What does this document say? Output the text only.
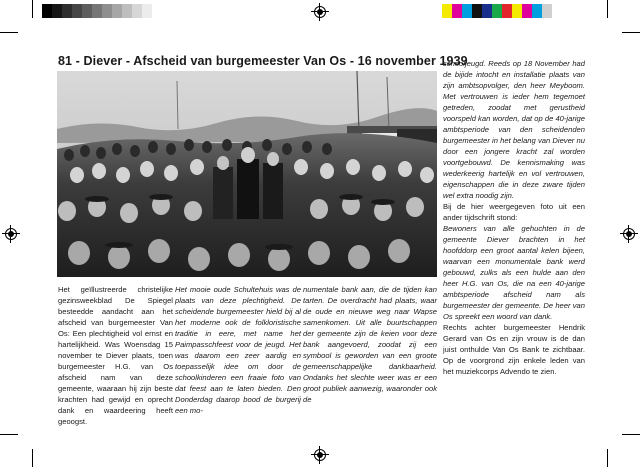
81 - Diever - Afscheid van burgemeester Van Os - 16 november 1939

Het geïllustreerde christelijke gezinsweekblad De Spiegel besteedde aandacht aan het afscheid van burgemeester Van Os: Een plechtigheid vol ernst en hartelijkheid. Was Woensdag 15 november te Diever plaats, toen burgemeester H.G. van Os afscheid nam van deze gemeente, waaraan hij zijn beste krachten had gewijd en oprecht dank en waardeering heeft geoogst.

Het mooie oude Schultehuis was de plaats van deze plechtigheid. De scheidende burgemeester hield bij al het moderne ook de folkloristische traditie in eere, met name het Paimpasschfeest voor de jeugd. Het was daarom een zeer aardig en toepasselijk idee om door de schoolkinderen een fraaie foto van dat feest aan te laten bieden. Den Donderdag daarop bood de burgerij een mo-

numentale bank aan, die de tijden kan tarten. De overdracht had plaats, waar de oude en nieuwe weg naar Wapse samenkomen. Uit alle buurtschappen der gemeente zijn de keien voor deze bank aangevoerd, zoodat zij een symbool is geworden van een groote gemeenschappelijke dankbaarheid. Ondanks het slechte weer was er een groot publiek aanwezig, waaronder ook de

schooljeugd. Reeds op 18 November had de bijide intocht en installatie plaats van zijn ambtsopvolger, den heer Meyboom. Met vertrouwen is ieder hem tegemoet getreden, zoodat met gerustheid voorspeld kan worden, dat op de 40-jarige ambtsperiode van den scheidenden burgemeester in het belang van Diever nu door een jongere kracht zal worden voortgebouwd. De kennismaking was wederkeerig hartelijk en vol vertrouwen, eigenschappen die in deze zware tijden wel extra noodig zijn.

Bij de hier weergegeven foto uit een ander tijdschrift stond:

Bewoners van alle gehuchten in de gemeente Diever brachten in het hoofddorp een groot aantal kelen bijeen, waarvan een monumentale bank werd gebouwd, zulks als een hulde aan den heer H.G. van Os, die na een 40-jarige ambtsperiode afscheid nam als burgemeester der gemeente. De heer van Os spreekt een woord van dank.

Rechts achter burgemeester Hendrik Gerard van Os en zijn vrouw is de dan juist onthulde Van Os Bank te zichtbaar. Op de voorgrond zijn enkele leden van het muziekcorps Advendo te zien.
